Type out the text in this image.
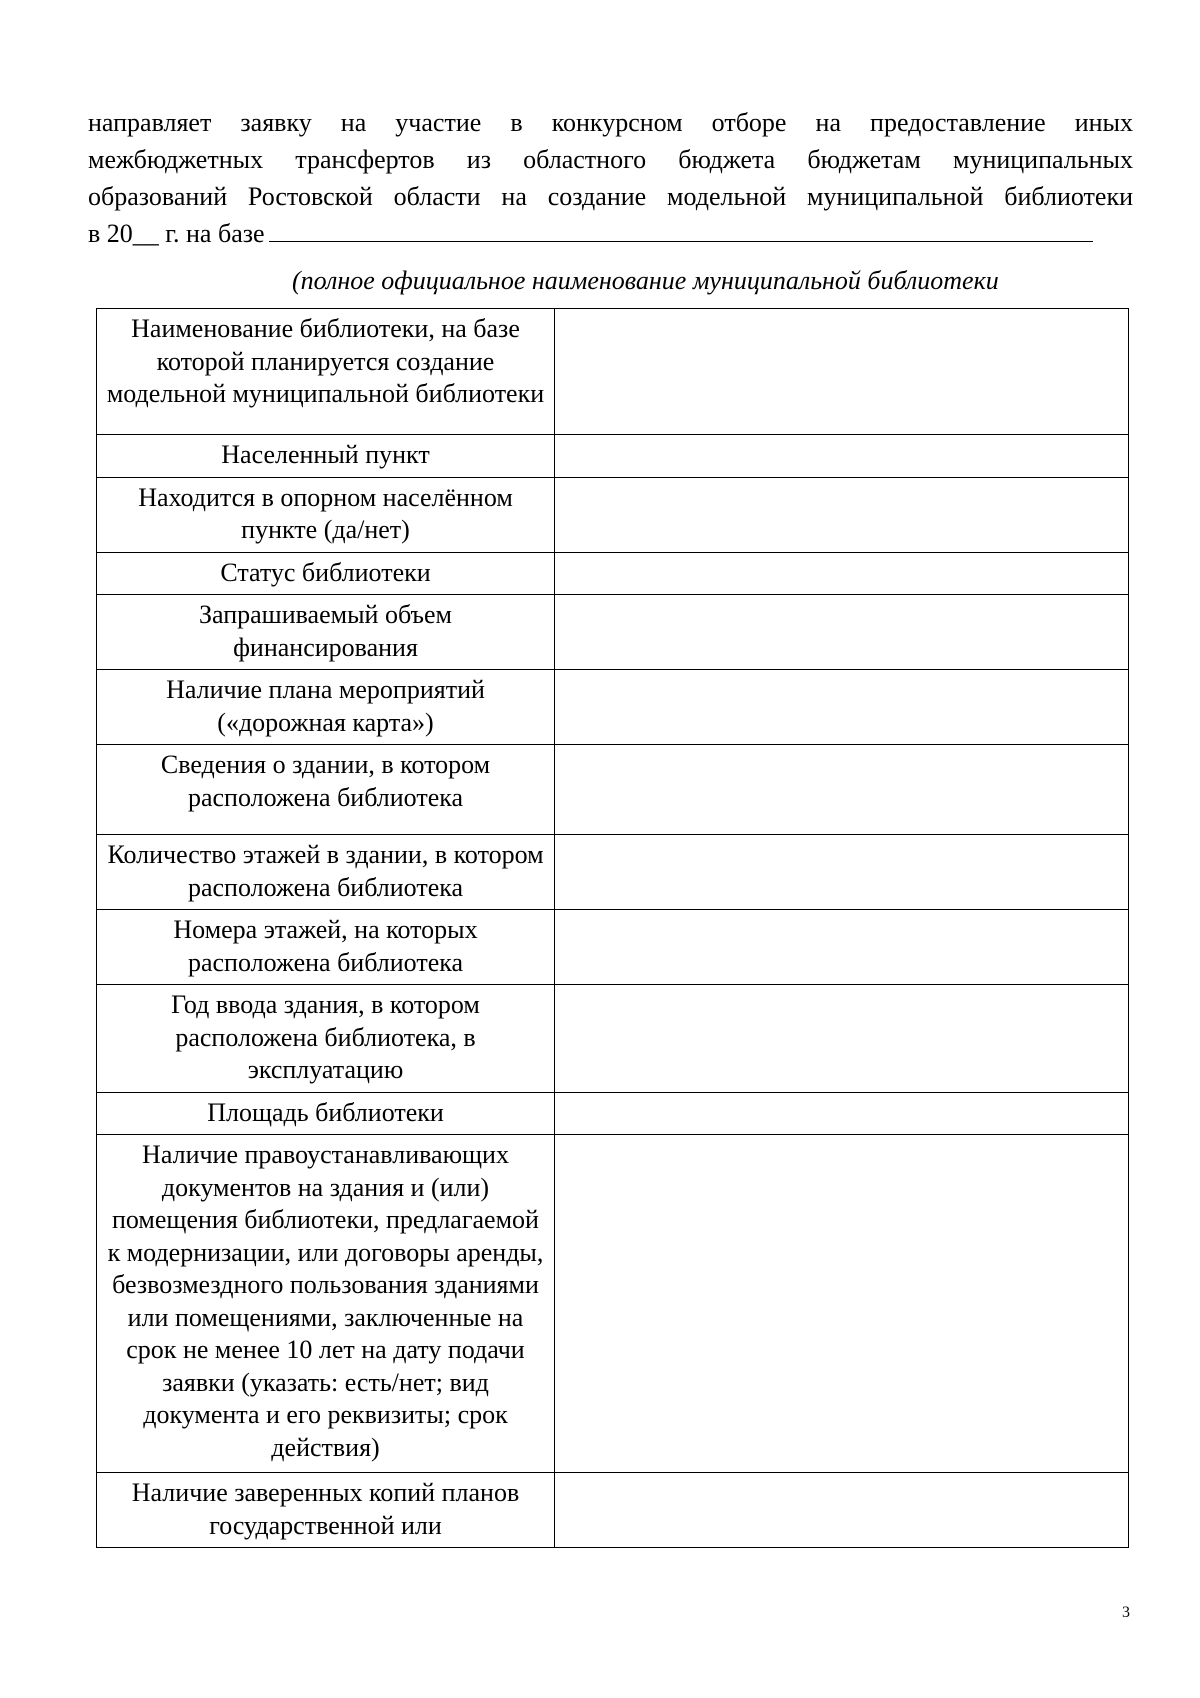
направляет заявку на участие в конкурсном отборе на предоставление иных
межбюджетных трансфертов из областного бюджета бюджетам муниципальных
образований Ростовской области на создание модельной муниципальной библиотеки
в 20__ г. на базе
(полное официальное наименование муниципальной библиотеки
Наименование библиотеки, на базе которой планируется создание модельной муниципальной библиотеки	
Населенный пункт	
Находится в опорном населённом пункте (да/нет)	
Статус библиотеки	
Запрашиваемый объем финансирования	
Наличие плана мероприятий («дорожная карта»)	
Сведения о здании, в котором расположена библиотека	
Количество этажей в здании, в котором расположена библиотека	
Номера этажей, на которых расположена библиотека	
Год ввода здания, в котором расположена библиотека, в эксплуатацию	
Площадь библиотеки	
Наличие правоустанавливающих документов на здания и (или) помещения библиотеки, предлагаемой к модернизации, или договоры аренды, безвозмездного пользования зданиями или помещениями, заключенные на срок не менее 10 лет на дату подачи заявки (указать: есть/нет; вид документа и его реквизиты; срок действия)	
Наличие заверенных копий планов государственной или	
3
